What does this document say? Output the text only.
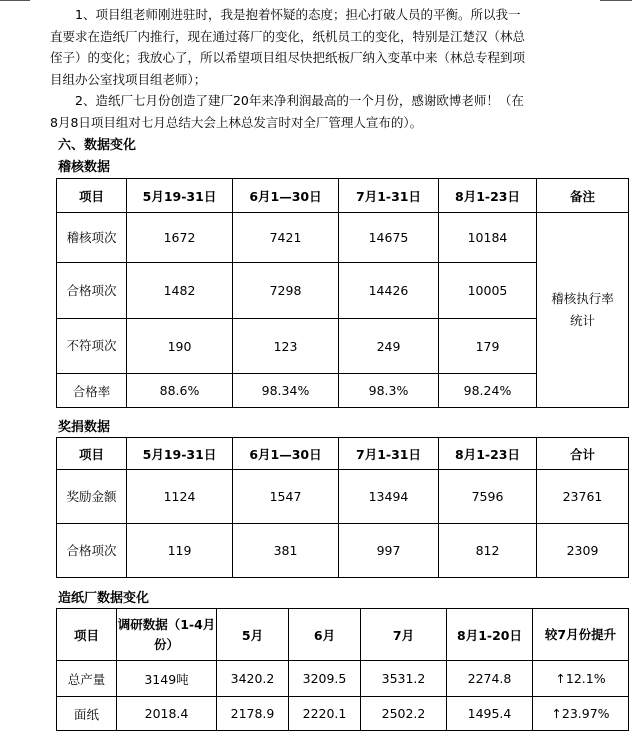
1、项目组老师刚进驻时，我是抱着怀疑的态度；担心打破人员的平衡。所以我一直要求在造纸厂内推行，现在通过蒋厂的变化，纸机员工的变化，特别是江楚汉（林总侄子）的变化；我放心了，所以希望项目组尽快把纸板厂纳入变革中来（林总专程到项目组办公室找项目组老师）；

2、造纸厂七月份创造了建厂20年来净利润最高的一个月份，感谢欧博老师！（在8月8日项目组对七月总结大会上林总发言时对全厂管理人宣布的）。

六、数据变化
稽核数据
项目	5月19-31日	6月1—30日	7月1-31日	8月1-23日	备注
稽核项次	1672	7421	14675	10184	稽核执行率统计
合格项次	1482	7298	14426	10005	
不符项次	190	123	249	179	
合格率	88.6%	98.34%	98.3%	98.24%	
奖捐数据
项目	5月19-31日	6月1—30日	7月1-31日	8月1-23日	合计
奖励金额	1124	1547	13494	7596	23761
合格项次	119	381	997	812	2309
造纸厂数据变化
项目	调研数据（1-4月份）	5月	6月	7月	8月1-20日	较7月份提升
总产量	3149吨	3420.2	3209.5	3531.2	2274.8	↑12.1%
面纸	2018.4	2178.9	2220.1	2502.2	1495.4	↑23.97%
